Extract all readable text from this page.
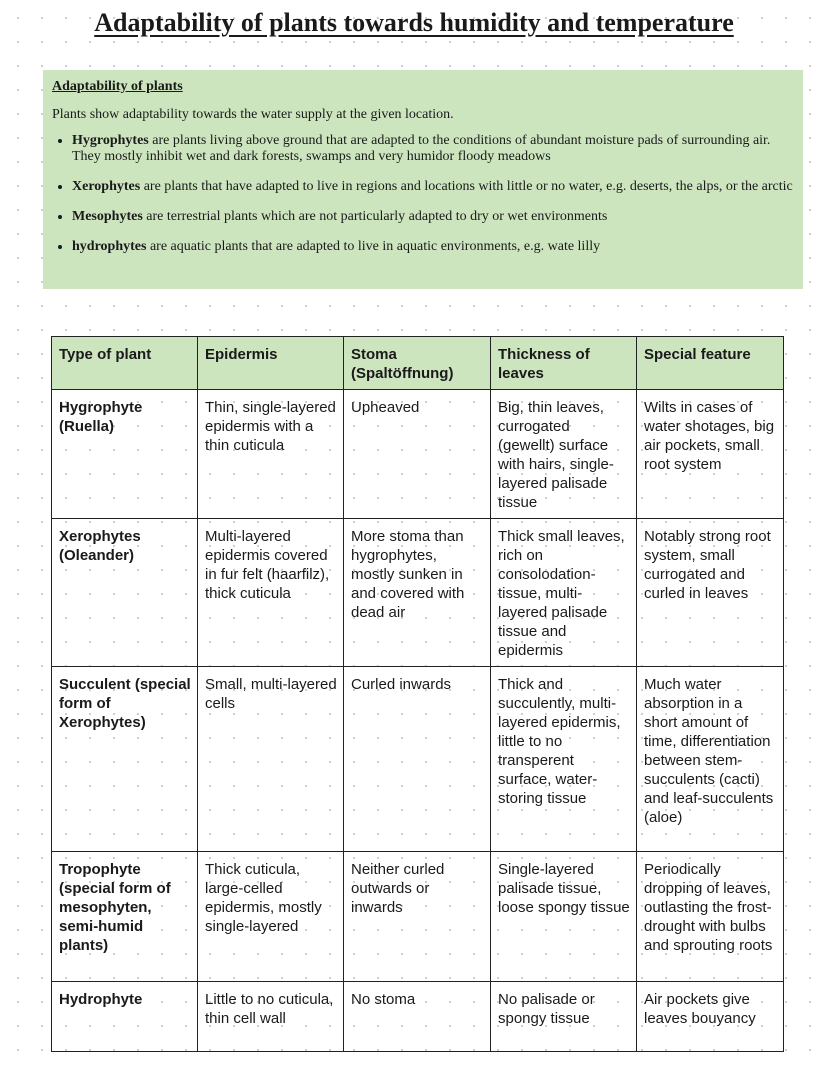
Adaptability of plants towards humidity and temperature
Adaptability of plants
Plants show adaptability towards the water supply at the given location.
• Hygrophytes are plants living above ground that are adapted to the conditions of abundant moisture pads of surrounding air. They mostly inhibit wet and dark forests, swamps and very humidor floody meadows
• Xerophytes are plants that have adapted to live in regions and locations with little or no water, e.g. deserts, the alps, or the arctic
• Mesophytes are terrestrial plants which are not particularly adapted to dry or wet environments
• hydrophytes are aquatic plants that are adapted to live in aquatic environments, e.g. wate lilly
Type of plant	Epidermis	Stoma (Spaltöffnung)	Thickness of leaves	Special feature
Hygrophyte (Ruella)	Thin, single-layered epidermis with a thin cuticula	Upheaved	Big, thin leaves, currogated (gewellt) surface with hairs, single-layered palisade tissue	Wilts in cases of water shotages, big air pockets, small root system
Xerophytes (Oleander)	Multi-layered epidermis covered in fur felt (haarfilz), thick cuticula	More stoma than hygrophytes, mostly sunken in and covered with dead air	Thick small leaves, rich on consolodation-tissue, multi-layered palisade tissue and epidermis	Notably strong root system, small currogated and curled in leaves
Succulent (special form of Xerophytes)	Small, multi-layered cells	Curled inwards	Thick and succulently, multi-layered epidermis, little to no transperent surface, water-storing tissue	Much water absorption in a short amount of time, differentiation between stem-succulents (cacti) and leaf-succulents (aloe)
Tropophyte (special form of mesophyten, semi-humid plants)	Thick cuticula, large-celled epidermis, mostly single-layered	Neither curled outwards or inwards	Single-layered palisade tissue, loose spongy tissue	Periodically dropping of leaves, outlasting the frost-drought with bulbs and sprouting roots
Hydrophyte	Little to no cuticula, thin cell wall	No stoma	No palisade or spongy tissue	Air pockets give leaves bouyancy
